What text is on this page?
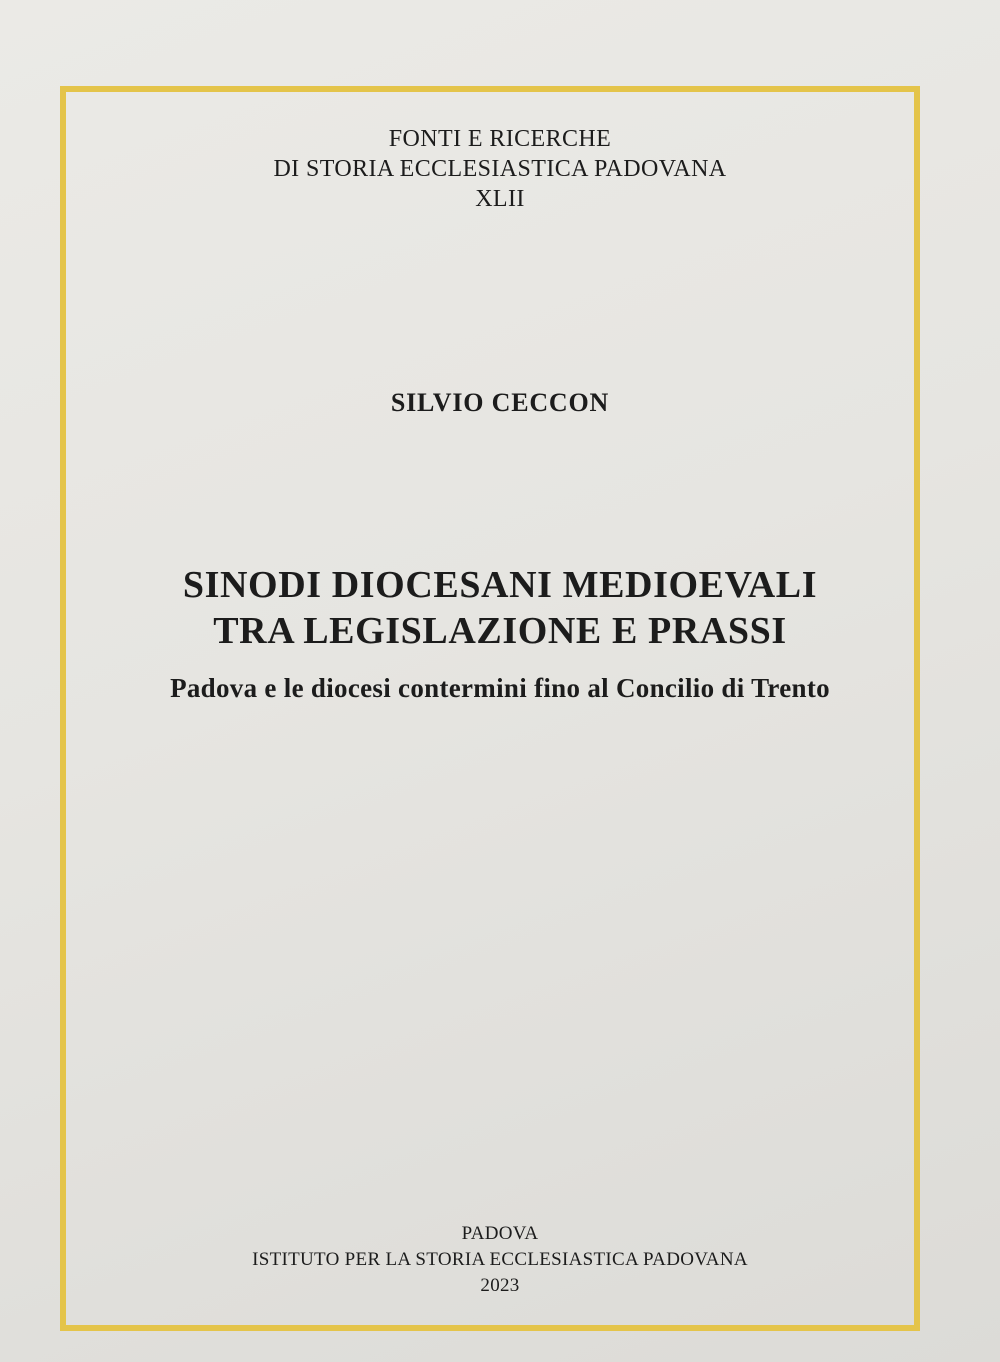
FONTI E RICERCHE
DI STORIA ECCLESIASTICA PADOVANA
XLII
SILVIO CECCON
SINODI DIOCESANI MEDIOEVALI
TRA LEGISLAZIONE E PRASSI
Padova e le diocesi contermini fino al Concilio di Trento
PADOVA
ISTITUTO PER LA STORIA ECCLESIASTICA PADOVANA
2023
